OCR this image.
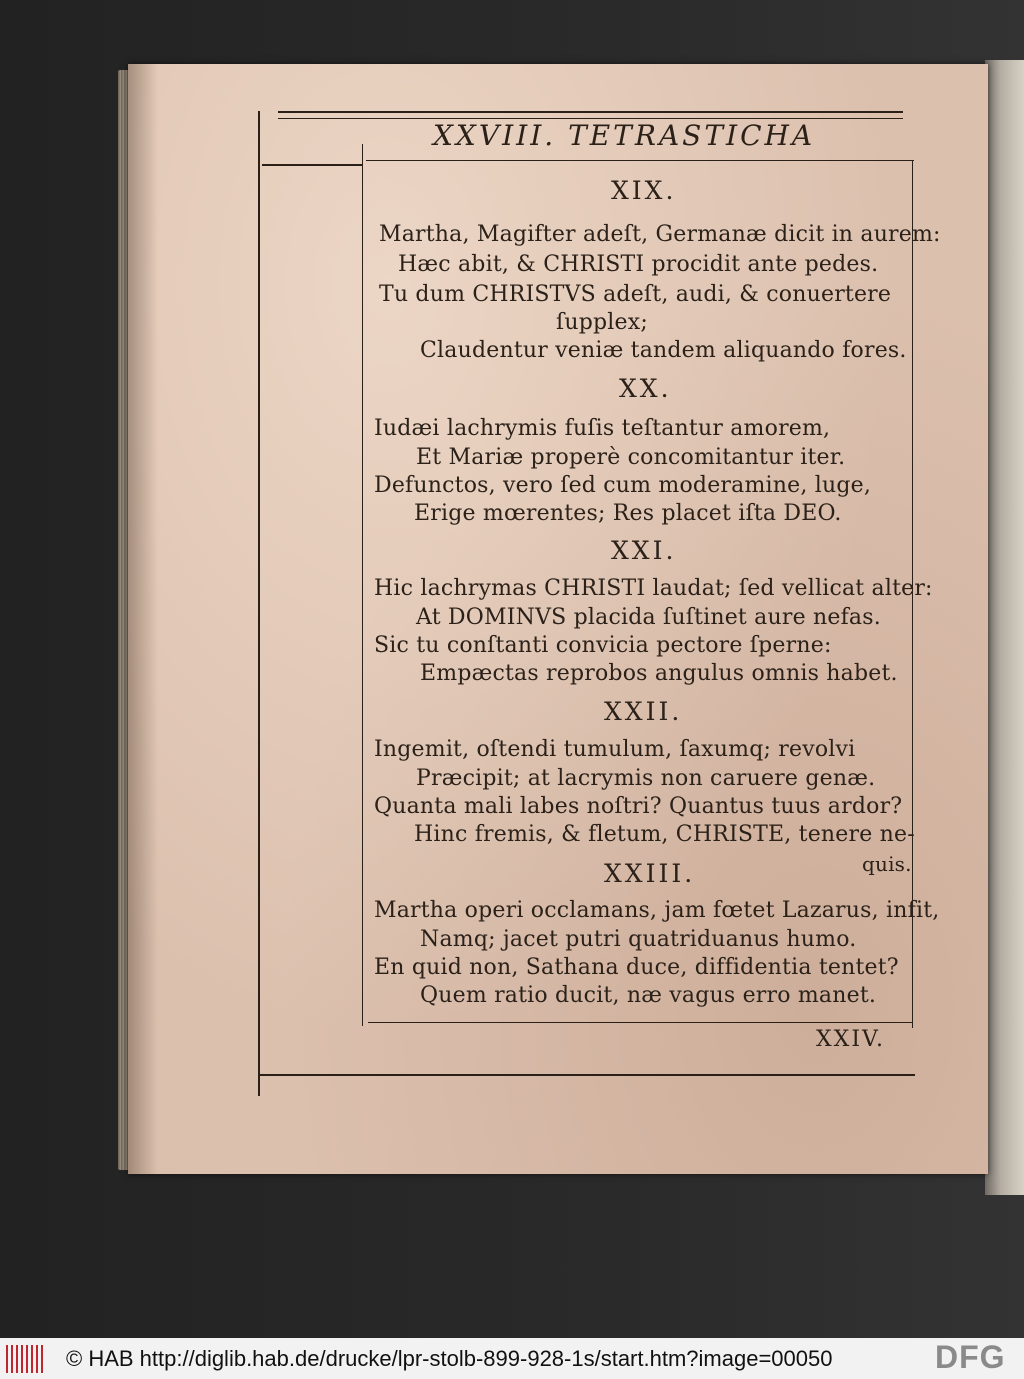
XXVIII. TETRASTICHA
XIX.
Martha, Magifter adeſt, Germanæ dicit in aurem:
Hæc abit, & CHRISTI procidit ante pedes.
Tu dum CHRISTVS adeſt, audi, & conuertere
ſupplex;
Claudentur veniæ tandem aliquando fores.
XX.
Iudæi lachrymis fuſis teſtantur amorem,
Et Mariæ properè concomitantur iter.
Defunctos, vero ſed cum moderamine, luge,
Erige mœrentes; Res placet iſta DEO.
XXI.
Hic lachrymas CHRISTI laudat; ſed vellicat alter:
At DOMINVS placida ſuſtinet aure nefas.
Sic tu conſtanti convicia pectore ſperne:
Empæctas reprobos angulus omnis habet.
XXII.
Ingemit, oſtendi tumulum, ſaxumq; revolvi
Præcipit; at lacrymis non caruere genæ.
Quanta mali labes noſtri? Quantus tuus ardor?
Hinc fremis, & fletum, CHRISTE, tenere ne-
quis.
XXIII.
Martha operi occlamans, jam fœtet Lazarus, infit,
Namq; jacet putri quatriduanus humo.
En quid non, Sathana duce, diffidentia tentet?
Quem ratio ducit, næ vagus erro manet.
XXIV.
© HAB http://diglib.hab.de/drucke/lpr-stolb-899-928-1s/start.htm?image=00050	DFG
